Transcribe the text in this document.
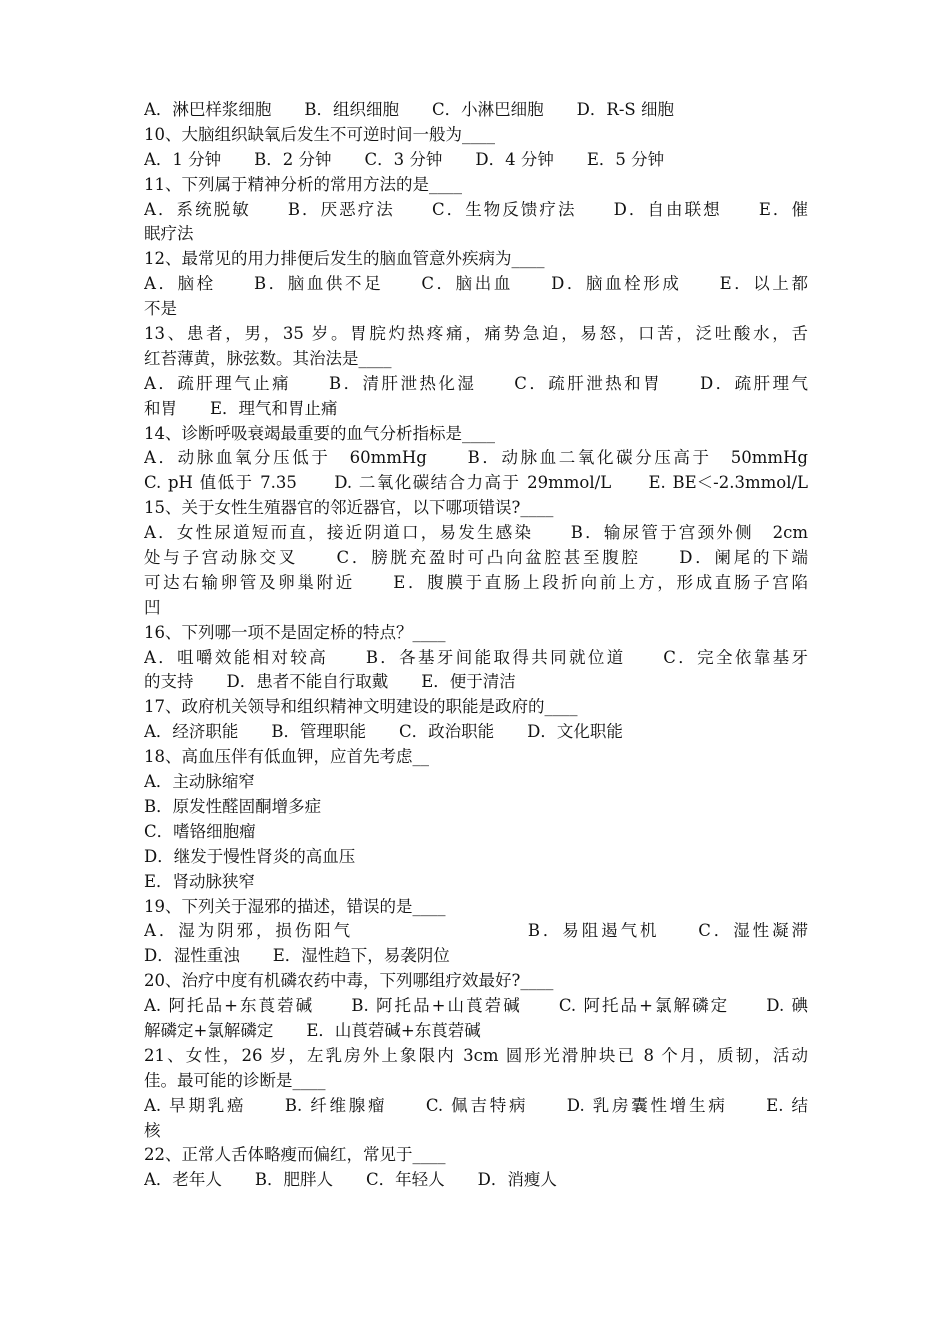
A．淋巴样浆细胞　　B．组织细胞　　C．小淋巴细胞　　D．R-S 细胞
10、大脑组织缺氧后发生不可逆时间一般为____
A．1 分钟　　B．2 分钟　　C．3 分钟　　D．4 分钟　　E．5 分钟
11、下列属于精神分析的常用方法的是____
A．系统脱敏　　B．厌恶疗法　　C．生物反馈疗法　　D．自由联想　　E．催
眠疗法
12、最常见的用力排便后发生的脑血管意外疾病为____
A．脑栓　　B．脑血供不足　　C．脑出血　　D．脑血栓形成　　E．以上都
不是
13、患者，男，35 岁。胃脘灼热疼痛，痛势急迫，易怒，口苦，泛吐酸水，舌
红苔薄黄，脉弦数。其治法是____
A．疏肝理气止痛　　B．清肝泄热化湿　　C．疏肝泄热和胃　　D．疏肝理气
和胃　　E．理气和胃止痛
14、诊断呼吸衰竭最重要的血气分析指标是____
A．动脉血氧分压低于　60mmHg　　B．动脉血二氧化碳分压高于　50mmHg
C. pH 值低于 7.35　　D. 二氧化碳结合力高于 29mmol/L　　E. BE＜-2.3mmol/L
15、关于女性生殖器官的邻近器官，以下哪项错误?____
A．女性尿道短而直，接近阴道口，易发生感染　　B．输尿管于宫颈外侧　2cm
处与子宫动脉交叉　　C．膀胱充盈时可凸向盆腔甚至腹腔　　D．阑尾的下端
可达右输卵管及卵巢附近　　E．腹膜于直肠上段折向前上方，形成直肠子宫陷
凹
16、下列哪一项不是固定桥的特点？____
A．咀嚼效能相对较高　　B．各基牙间能取得共同就位道　　C．完全依靠基牙
的支持　　D．患者不能自行取戴　　E．便于清洁
17、政府机关领导和组织精神文明建设的职能是政府的____
A．经济职能　　B．管理职能　　C．政治职能　　D．文化职能
18、高血压伴有低血钾，应首先考虑__
A．主动脉缩窄
B．原发性醛固酮增多症
C．嗜铬细胞瘤
D．继发于慢性肾炎的高血压
E．肾动脉狭窄
19、下列关于湿邪的描述，错误的是____
A．湿为阴邪，损伤阳气　　　　　　　　　B．易阻遏气机　　C．湿性凝滞
D．湿性重浊　　E．湿性趋下，易袭阴位
20、治疗中度有机磷农药中毒，下列哪组疗效最好?____
A. 阿托品+东莨菪碱　　B. 阿托品+山莨菪碱　　C. 阿托品+氯解磷定　　D. 碘
解磷定+氯解磷定　　E．山莨菪碱+东莨菪碱
21、女性，26 岁，左乳房外上象限内 3cm 圆形光滑肿块已 8 个月，质韧，活动
佳。最可能的诊断是____
A. 早期乳癌　　B. 纤维腺瘤　　C. 佩吉特病　　D. 乳房囊性增生病　　E. 结
核
22、正常人舌体略瘦而偏红，常见于____
A．老年人　　B．肥胖人　　C．年轻人　　D．消瘦人
